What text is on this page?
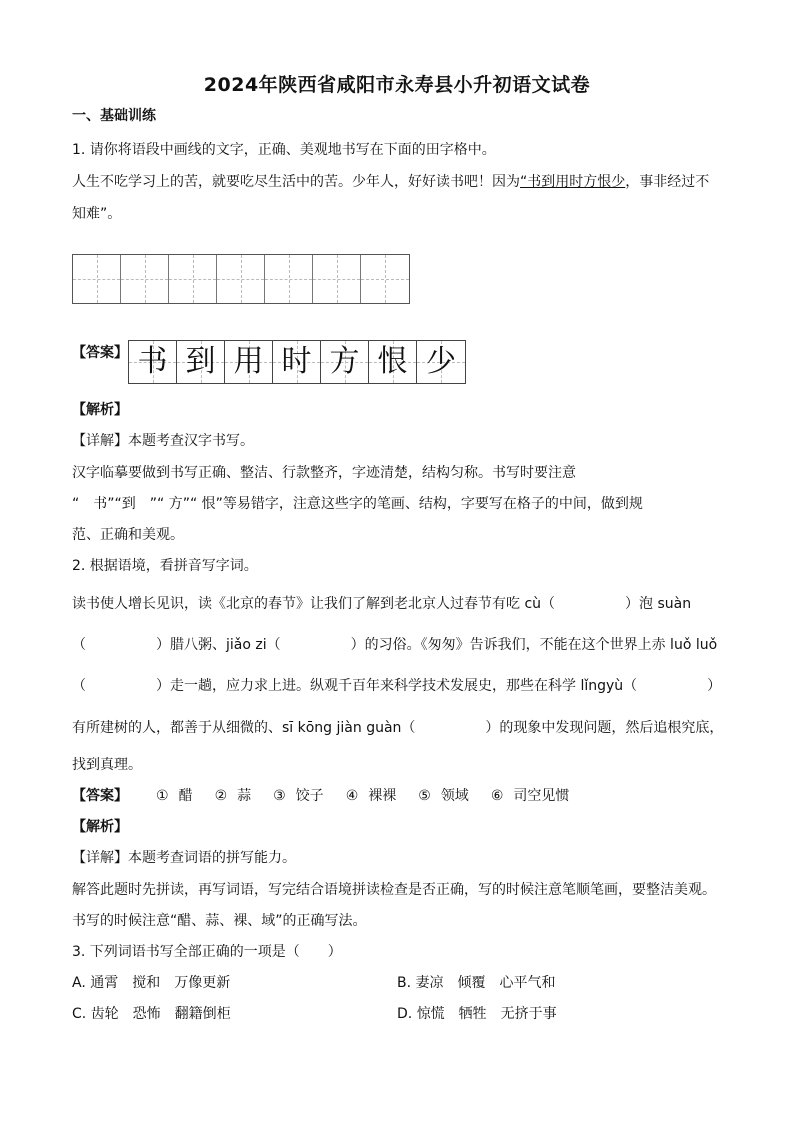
2024年陕西省咸阳市永寿县小升初语文试卷
一、基础训练
1. 请你将语段中画线的文字，正确、美观地书写在下面的田字格中。
人生不吃学习上的苦，就要吃尽生活中的苦。少年人，好好读书吧！因为“书到用时方恨少，事非经过不
知难”。
【答案】 书 到 用 时 方 恨 少
【解析】
【详解】本题考查汉字书写。
汉字临摹要做到书写正确、整洁、行款整齐，字迹清楚，结构匀称。书写时要注意
“　书”“到　”“ 方”“ 恨”等易错字，注意这些字的笔画、结构，字要写在格子的中间，做到规
范、正确和美观。
2. 根据语境，看拼音写字词。
读书使人增长见识，读《北京的春节》让我们了解到老北京人过春节有吃 cù（　　　　　）泡 suàn
（　　　　　）腊八粥、jiǎo zi（　　　　　）的习俗。《匆匆》告诉我们，不能在这个世界上赤 luǒ luǒ
（　　　　　）走一趟，应力求上进。纵观千百年来科学技术发展史，那些在科学 lǐngyù（　　　　　）
有所建树的人，都善于从细微的、sī kōng jiàn guàn（　　　　　）的现象中发现问题，然后追根究底，
找到真理。
【答案】 ① 醋 ② 蒜 ③ 饺子 ④ 裸裸 ⑤ 领域 ⑥ 司空见惯
【解析】
【详解】本题考查词语的拼写能力。
解答此题时先拼读，再写词语，写完结合语境拼读检查是否正确，写的时候注意笔顺笔画，要整洁美观。
书写的时候注意“醋、蒜、裸、域”的正确写法。
3. 下列词语书写全部正确的一项是（　　）
A. 通霄　搅和　万像更新	B. 妻凉　倾覆　心平气和
C. 齿轮　恐怖　翻籍倒柜	D. 惊慌　牺牲　无挤于事
